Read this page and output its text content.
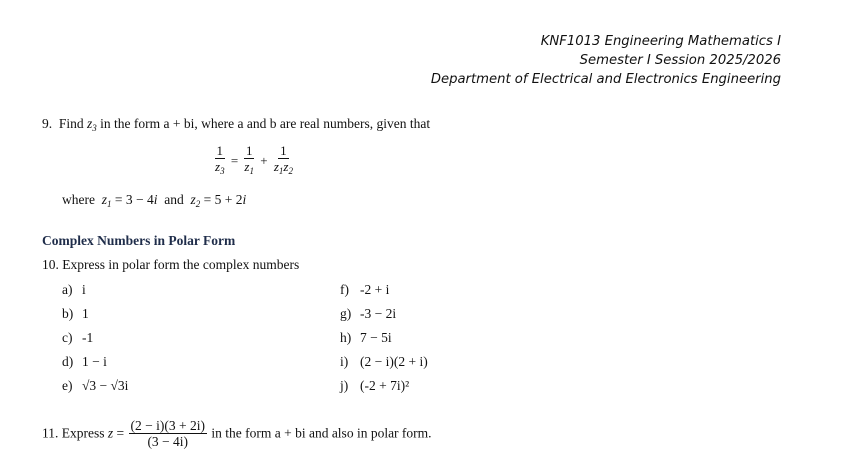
KNF1013 Engineering Mathematics I
Semester I Session 2025/2026
Department of Electrical and Electronics Engineering
9.  Find $z_3$ in the form a + bi, where a and b are real numbers, given that
$\frac{1}{z_3} = \frac{1}{z_1} + \frac{1}{z_1z_2}$
where  $z_1 = 3 - 4i$  and  $z_2 = 5 + 2i$
Complex Numbers in Polar Form
10. Express in polar form the complex numbers
a) i
b) 1
c) -1
d) 1 − i
e) √3 − √3i
f) -2 + i
g) -3 − 2i
h) 7 − 5i
i) (2 − i)(2 + i)
j) (-2 + 7i)²
11. Express $z = \frac{(2 - i)(3 + 2i)}{(3 - 4i)}$ in the form a + bi and also in polar form.
